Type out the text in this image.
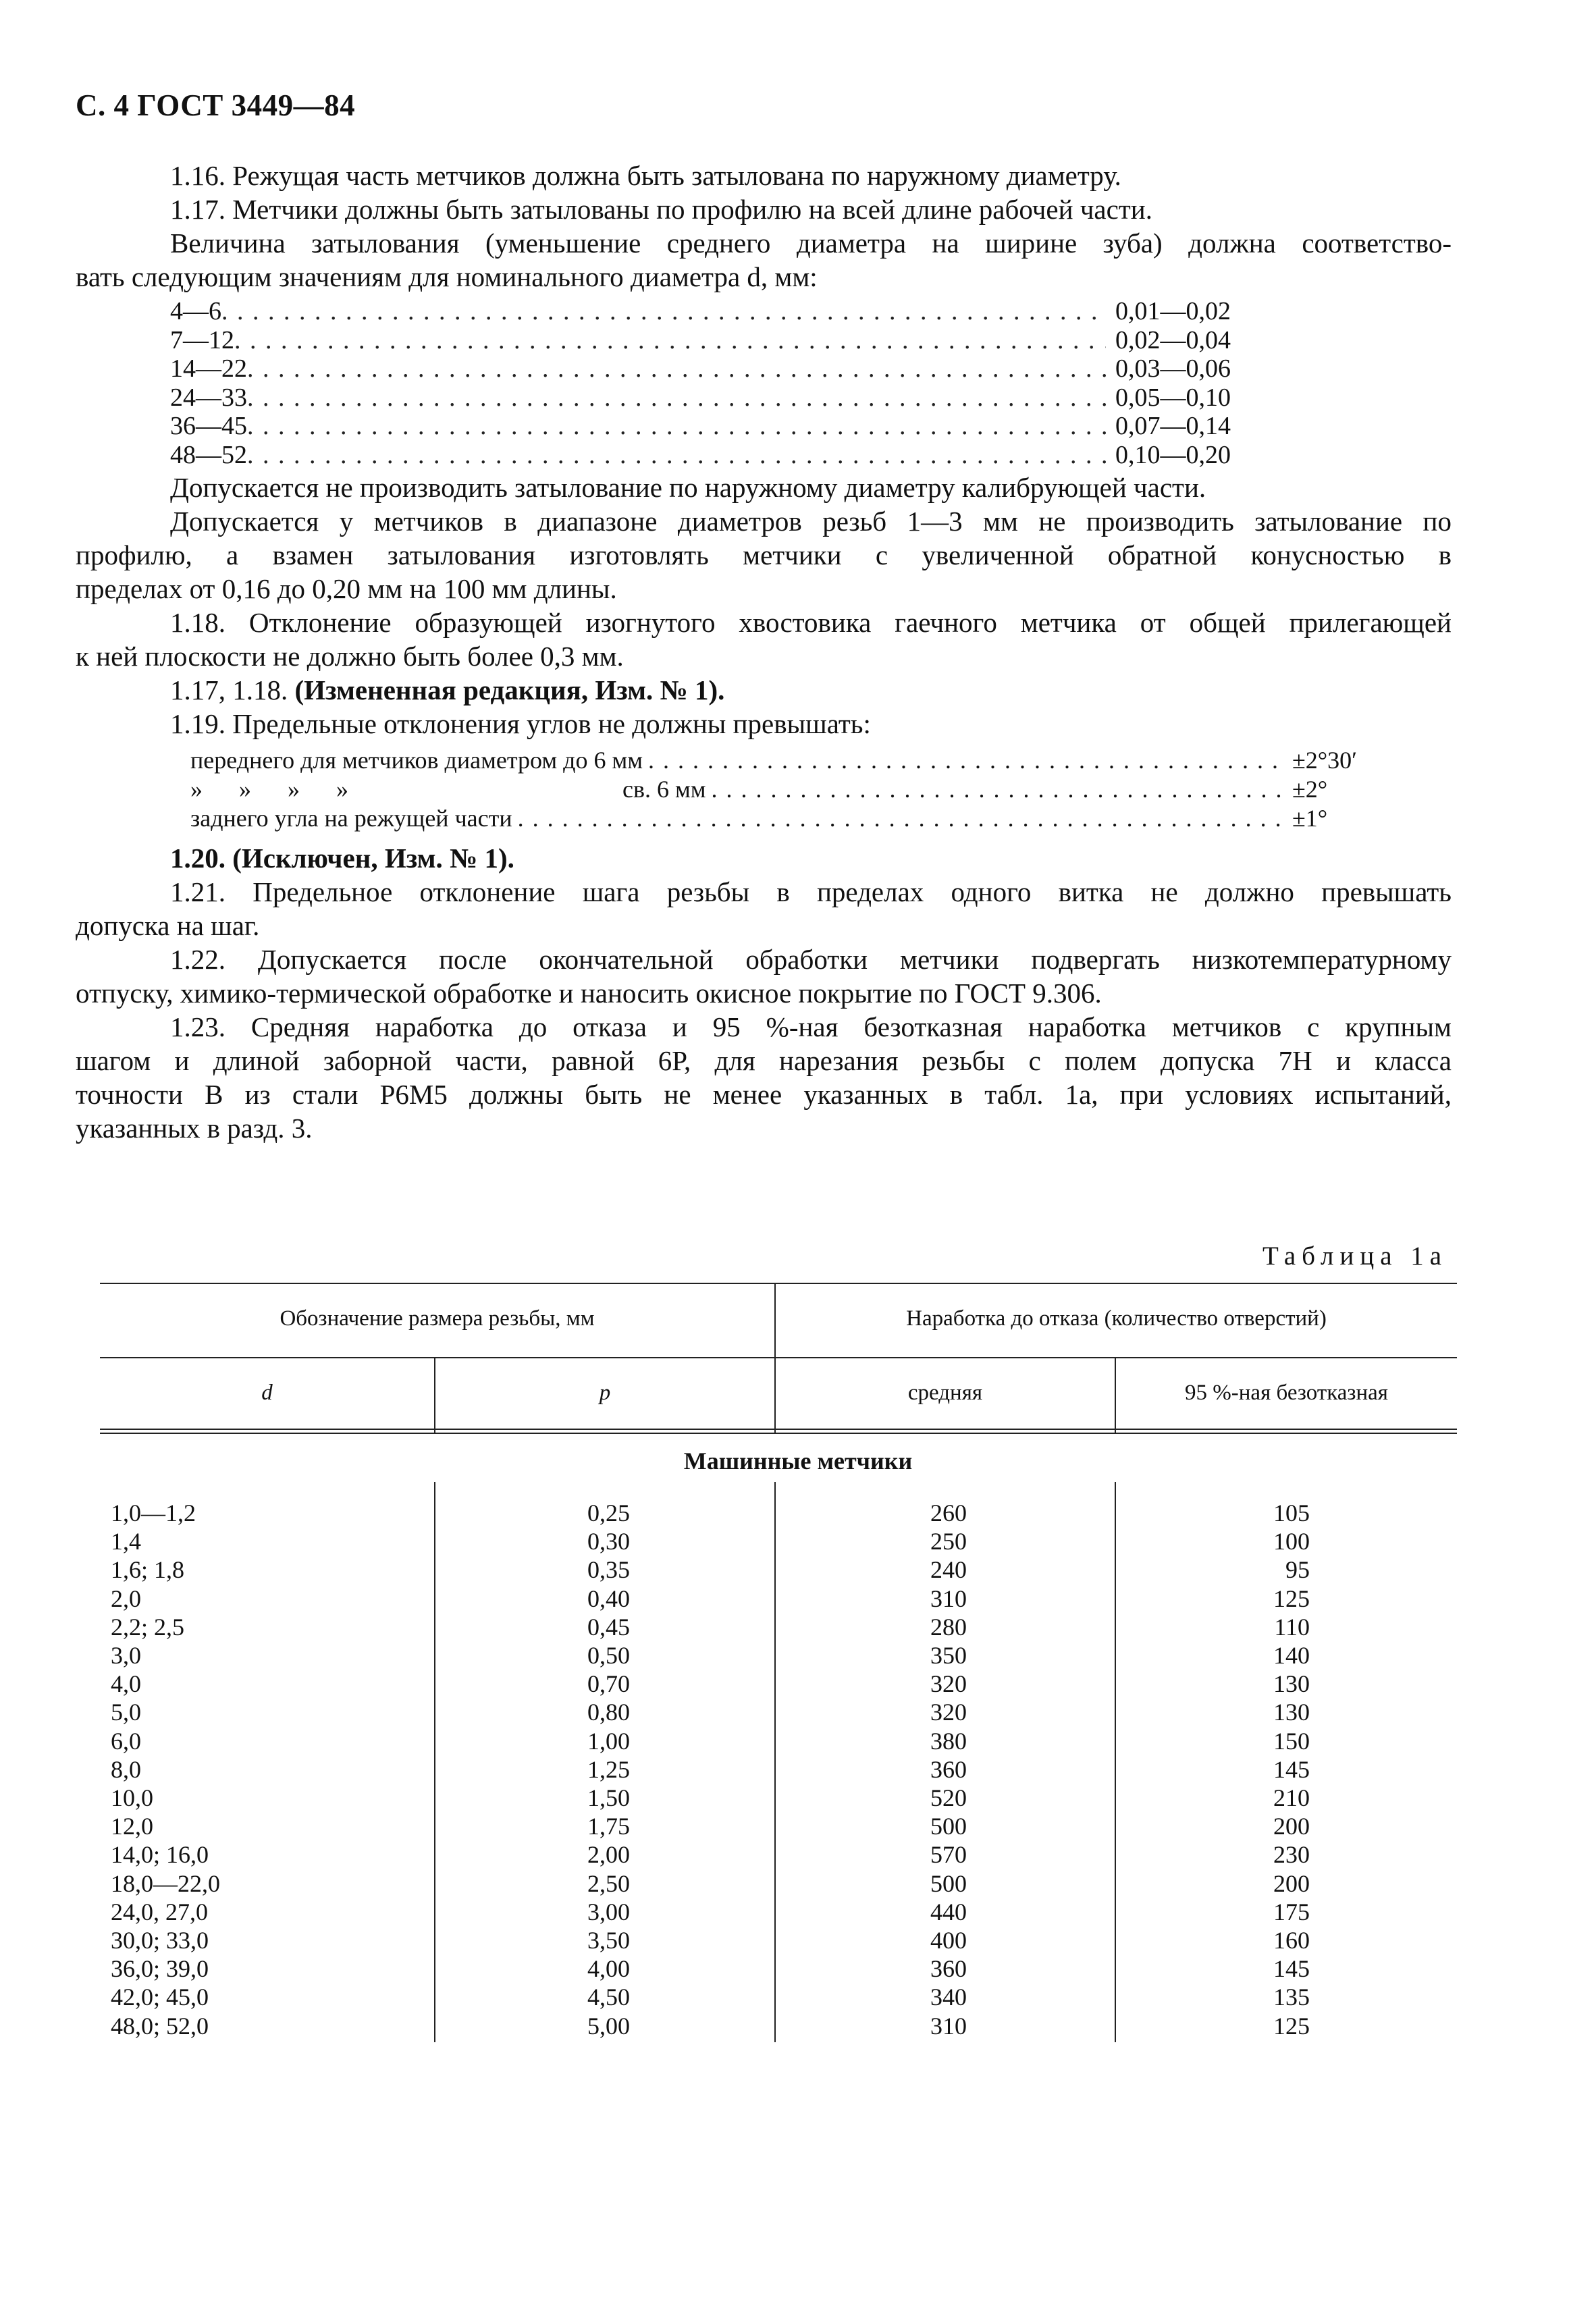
С. 4 ГОСТ 3449—84
1.16. Режущая часть метчиков должна быть затылована по наружному диаметру.
1.17. Метчики должны быть затылованы по профилю на всей длине рабочей части.
Величина затылования (уменьшение среднего диаметра на ширине зуба) должна соответство-
вать следующим значениям для номинального диаметра d, мм:
4—6 . . .	0,01—0,02
7—12 . . .	0,02—0,04
14—22 . . .	0,03—0,06
24—33 . . .	0,05—0,10
36—45 . . .	0,07—0,14
48—52 . . .	0,10—0,20
Допускается не производить затылование по наружному диаметру калибрующей части.
Допускается у метчиков в диапазоне диаметров резьб 1—3 мм не производить затылование по
профилю, а взамен затылования изготовлять метчики с увеличенной обратной конусностью в
пределах от 0,16 до 0,20 мм на 100 мм длины.
1.18. Отклонение образующей изогнутого хвостовика гаечного метчика от общей прилегающей
к ней плоскости не должно быть более 0,3 мм.
1.17, 1.18. (Измененная редакция, Изм. № 1).
1.19. Предельные отклонения углов не должны превышать:
переднего для метчиков диаметром до 6 мм . . .	±2°30′
»      »      »      »	св. 6 мм . . .	±2°
заднего угла на режущей части . . .	±1°
1.20. (Исключен, Изм. № 1).
1.21. Предельное отклонение шага резьбы в пределах одного витка не должно превышать
допуска на шаг.
1.22. Допускается после окончательной обработки метчики подвергать низкотемпературному
отпуску, химико-термической обработке и наносить окисное покрытие по ГОСТ 9.306.
1.23. Средняя наработка до отказа и 95 %-ная безотказная наработка метчиков с крупным
шагом и длиной заборной части, равной 6Р, для нарезания резьбы с полем допуска 7Н и класса
точности В из стали Р6М5 должны быть не менее указанных в табл. 1а, при условиях испытаний,
указанных в разд. 3.
Таблица 1а
Обозначение размера резьбы, мм	Наработка до отказа (количество отверстий)
d	p	средняя	95 %-ная безотказная
Машинные метчики
1,0—1,2	0,25	260	105
1,4	0,30	250	100
1,6; 1,8	0,35	240	95
2,0	0,40	310	125
2,2; 2,5	0,45	280	110
3,0	0,50	350	140
4,0	0,70	320	130
5,0	0,80	320	130
6,0	1,00	380	150
8,0	1,25	360	145
10,0	1,50	520	210
12,0	1,75	500	200
14,0; 16,0	2,00	570	230
18,0—22,0	2,50	500	200
24,0, 27,0	3,00	440	175
30,0; 33,0	3,50	400	160
36,0; 39,0	4,00	360	145
42,0; 45,0	4,50	340	135
48,0; 52,0	5,00	310	125
